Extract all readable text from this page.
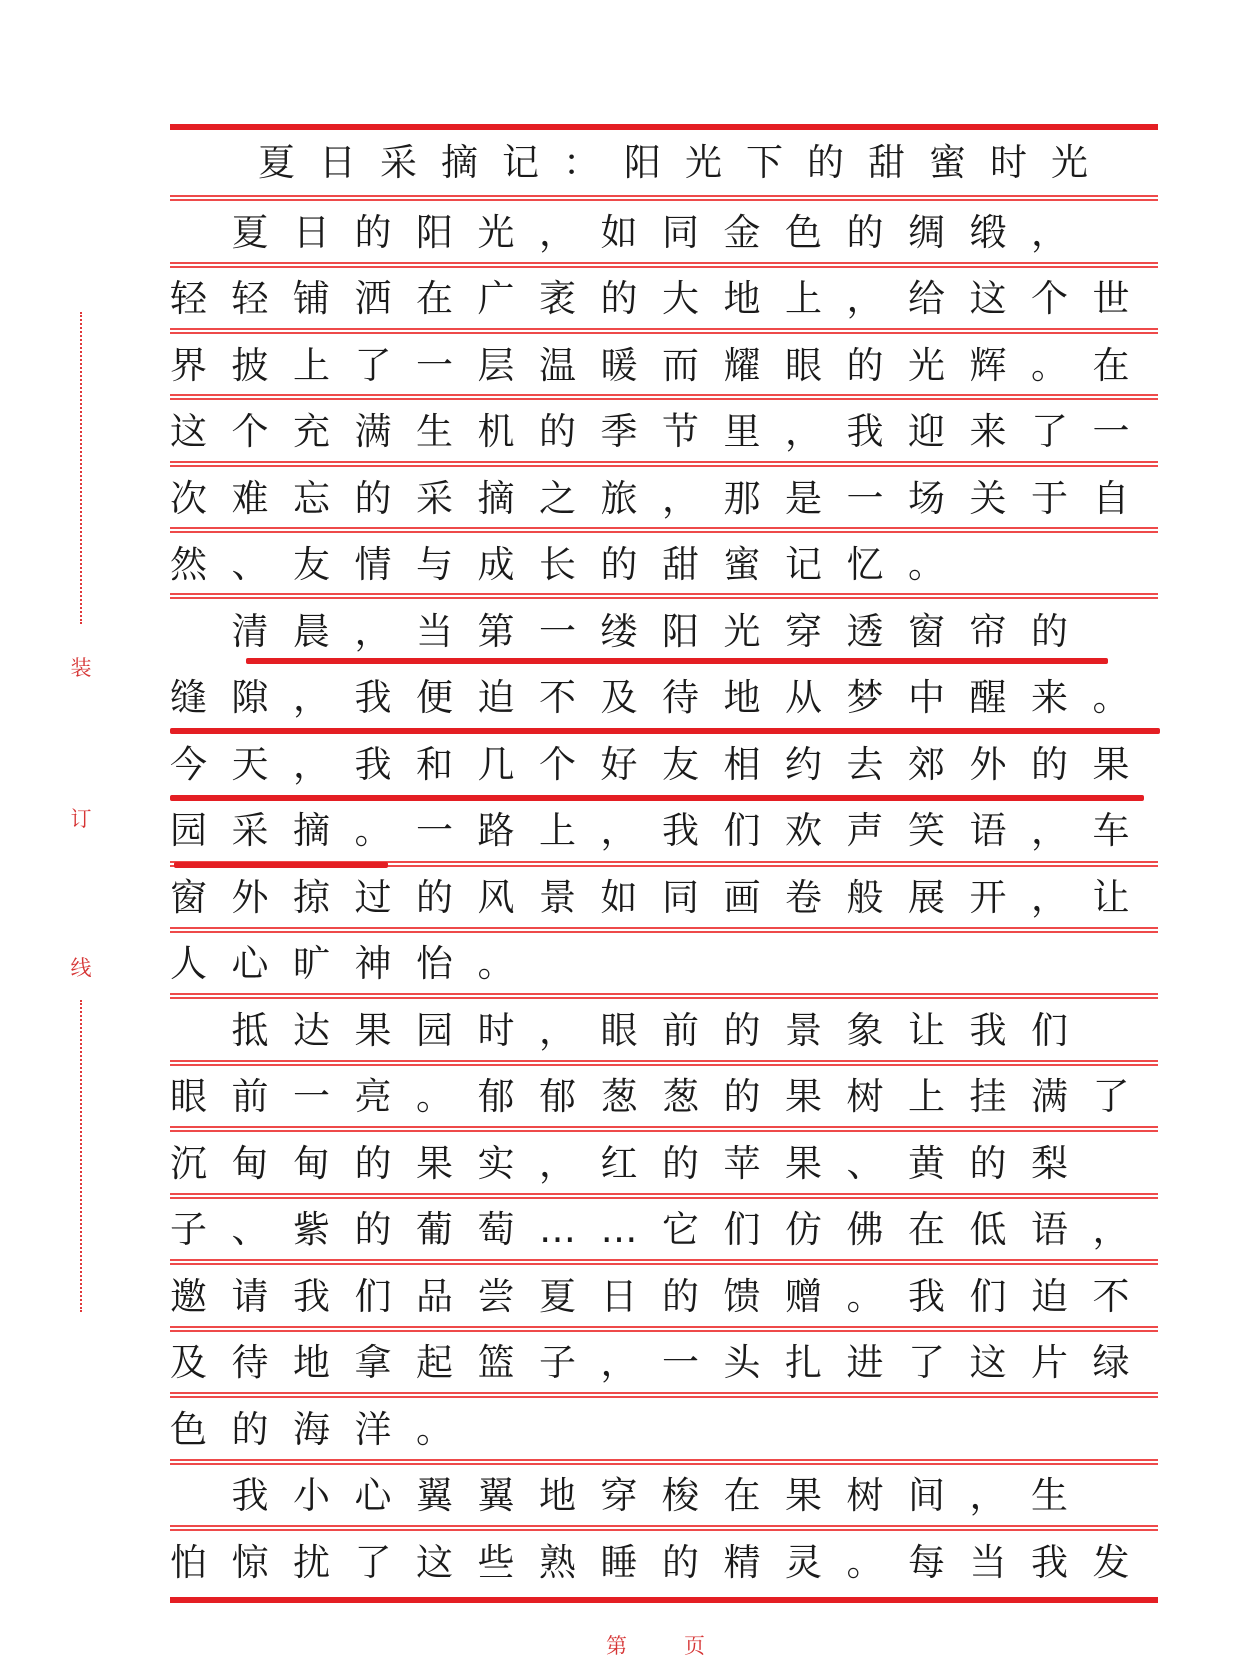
装
订
线

夏日采摘记：阳光下的甜蜜时光

　夏日的阳光，如同金色的绸缎，

轻轻铺洒在广袤的大地上，给这个世

界披上了一层温暖而耀眼的光辉。在

这个充满生机的季节里，我迎来了一

次难忘的采摘之旅，那是一场关于自

然、友情与成长的甜蜜记忆。

　清晨，当第一缕阳光穿透窗帘的

缝隙，我便迫不及待地从梦中醒来。

今天，我和几个好友相约去郊外的果

园采摘。一路上，我们欢声笑语，车

窗外掠过的风景如同画卷般展开，让

人心旷神怡。

　抵达果园时，眼前的景象让我们

眼前一亮。郁郁葱葱的果树上挂满了

沉甸甸的果实，红的苹果、黄的梨

子、紫的葡萄……它们仿佛在低语，

邀请我们品尝夏日的馈赠。我们迫不

及待地拿起篮子，一头扎进了这片绿

色的海洋。

　我小心翼翼地穿梭在果树间，生

怕惊扰了这些熟睡的精灵。每当我发

第	页
